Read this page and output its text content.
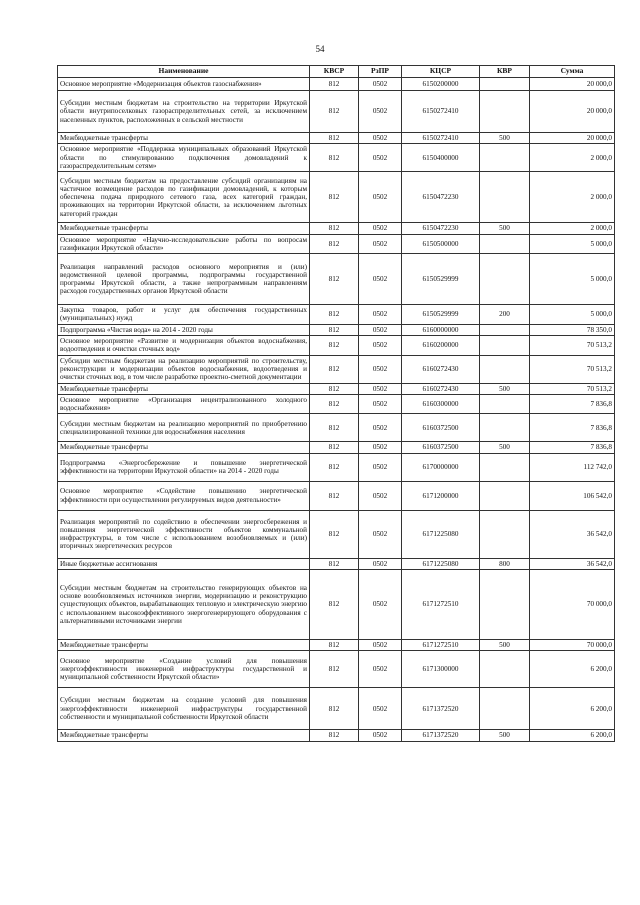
54
Наименование	КВСР	РзПР	КЦСР	КВР	Сумма
Основное мероприятие «Модернизация объектов газоснабжения»	812	0502	6150200000		20 000,0
Субсидии местным бюджетам на строительство на территории Иркутской области внутрипоселковых газораспределительных сетей, за исключением населенных пунктов, расположенных в сельской местности	812	0502	6150272410		20 000,0
Межбюджетные трансферты	812	0502	6150272410	500	20 000,0
Основное мероприятие «Поддержка муниципальных образований Иркутской области по стимулированию подключения домовладений к газораспределительным сетям»	812	0502	6150400000		2 000,0
Субсидии местным бюджетам на предоставление субсидий организациям на частичное возмещение расходов по газификации домовладений, к которым обеспечена подача природного сетевого газа, всех категорий граждан, проживающих на территории Иркутской области, за исключением льготных категорий граждан	812	0502	6150472230		2 000,0
Межбюджетные трансферты	812	0502	6150472230	500	2 000,0
Основное мероприятие «Научно-исследовательские работы по вопросам газификации Иркутской области»	812	0502	6150500000		5 000,0
Реализация направлений расходов основного мероприятия и (или) ведомственной целевой программы, подпрограммы государственной программы Иркутской области, а также непрограммным направлениям расходов государственных органов Иркутской области	812	0502	6150529999		5 000,0
Закупка товаров, работ и услуг для обеспечения государственных (муниципальных) нужд	812	0502	6150529999	200	5 000,0
Подпрограмма «Чистая вода» на 2014 - 2020 годы	812	0502	6160000000		78 350,0
Основное мероприятие «Развитие и модернизация объектов водоснабжения, водоотведения и очистки сточных вод»	812	0502	6160200000		70 513,2
Субсидии местным бюджетам на реализацию мероприятий по строительству, реконструкции и модернизации объектов водоснабжения, водоотведения и очистки сточных вод, в том числе разработке проектно-сметной документации	812	0502	6160272430		70 513,2
Межбюджетные трансферты	812	0502	6160272430	500	70 513,2
Основное мероприятие «Организация нецентрализованного холодного водоснабжения»	812	0502	6160300000		7 836,8
Субсидии местным бюджетам на реализацию мероприятий по приобретению специализированной техники для водоснабжения населения	812	0502	6160372500		7 836,8
Межбюджетные трансферты	812	0502	6160372500	500	7 836,8
Подпрограмма «Энергосбережение и повышение энергетической эффективности на территории Иркутской области» на 2014 - 2020 годы	812	0502	6170000000		112 742,0
Основное мероприятие «Содействие повышению энергетической эффективности при осуществлении регулируемых видов деятельности»	812	0502	6171200000		106 542,0
Реализация мероприятий по содействию в обеспечении энергосбережения и повышения энергетической эффективности объектов коммунальной инфраструктуры, в том числе с использованием возобновляемых и (или) вторичных энергетических ресурсов	812	0502	6171225080		36 542,0
Иные бюджетные ассигнования	812	0502	6171225080	800	36 542,0
Субсидии местным бюджетам на строительство генерирующих объектов на основе возобновляемых источников энергии, модернизацию и реконструкцию существующих объектов, вырабатывающих тепловую и электрическую энергию с использованием высокоэффективного энергогенерирующего оборудования с альтернативными источниками энергии	812	0502	6171272510		70 000,0
Межбюджетные трансферты	812	0502	6171272510	500	70 000,0
Основное мероприятие «Создание условий для повышения энергоэффективности инженерной инфраструктуры государственной и муниципальной собственности Иркутской области»	812	0502	6171300000		6 200,0
Субсидии местным бюджетам на создание условий для повышения энергоэффективности инженерной инфраструктуры государственной собственности и муниципальной собственности Иркутской области	812	0502	6171372520		6 200,0
Межбюджетные трансферты	812	0502	6171372520	500	6 200,0
